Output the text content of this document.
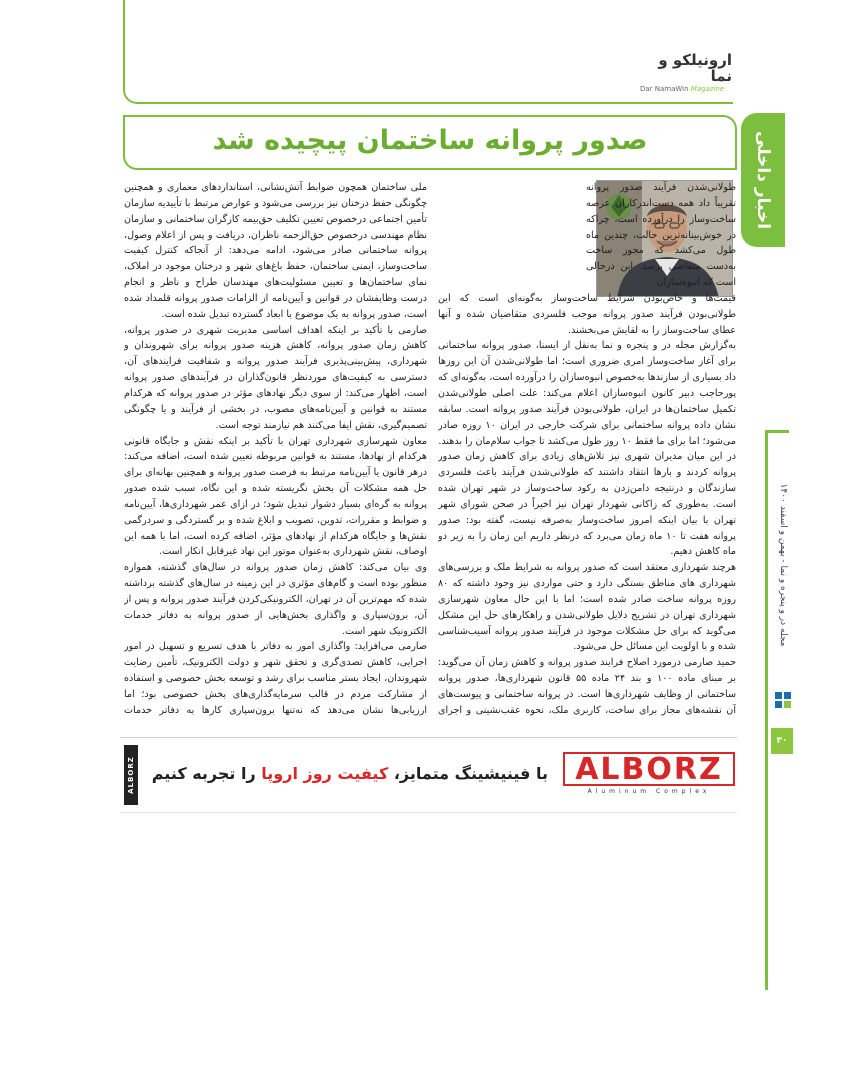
ارونیلکو و نما
Dar NamaWin Magazine
اخبار داخلی
صدور پروانه ساختمان پیچیده شد

طولانی‌شدن فرآیند صدور پروانه تقریباً داد همه دست‌اندرکاران عرصه ساخت‌وساز را درآورده است، چراکه در خوش‌بینانه‌ترین حالت، چندین ماه طول می‌کشد که مجوز ساخت به‌دست متقاضی برسد. این درحالی است که انبوه‌سازان

قیمت‌ها و خاص‌بودن شرایط ساخت‌وساز به‌گونه‌ای است که این طولانی‌بودن فرآیند صدور پروانه موجب فلسردی متقاضیان شده و آنها عطای ساخت‌وساز را به لقایش می‌بخشند.

به‌گزارش مجله در و پنجره و نما به‌نقل از ایسنا، صدور پروانه ساختمانی برای آغاز ساخت‌وساز امری ضروری است؛ اما طولانی‌شدن آن این روزها داد بسیاری از سازندها به‌خصوص انبوه‌سازان را درآورده است، به‌گونه‌ای که پورحاجب دبیر کانون انبوه‌سازان اعلام می‌کند: علت اصلی طولانی‌شدن تکمیل ساختمان‌ها در ایران، طولانی‌بودن فرآیند صدور پروانه است. سابقه نشان داده پروانه ساختمانی برای شرکت خارجی در ایران ۱۰ روزه صادر می‌شود؛ اما برای ما فقط ۱۰ روز طول می‌کشد تا جواب سلام‌مان را بدهند.

در این میان مدیران شهری نیز تلاش‌های زیادی برای کاهش زمان صدور پروانه کردند و بارها انتقاد داشتند که طولانی‌شدن فرآیند باعث فلسردی سازندگان و درنتیجه دامن‌زدن به رکود ساخت‌وساز در شهر تهران شده است. به‌طوری که زاکانی شهردار تهران نیز اخیراً در صحن شورای شهر تهران با بیان اینکه امروز ساخت‌وساز به‌صرفه نیست، گفته بود: صدور پروانه هفت تا ۱۰ ماه زمان می‌برد که درنظر داریم این زمان را به زیر دو ماه کاهش دهیم.

هرچند شهرداری معتقد است که صدور پروانه به شرایط ملک و بررسی‌های شهرداری های مناطق بستگی دارد و حتی مواردی نیز وجود داشته که ۸۰ روزه پروانه ساخت صادر شده است؛ اما با این حال معاون شهرسازی شهرداری تهران در تشریح دلایل طولانی‌شدن و راهکارهای حل این مشکل می‌گوید که برای حل مشکلات موجود در فرآیند صدور پروانه آسیب‌شناسی شده و با اولویت این مسائل حل می‌شود.

حمید صارمی درمورد اصلاح فرایند صدور پروانه و کاهش زمان آن می‌گوید: بر مبنای ماده ۱۰۰ و بند ۲۴ ماده ۵۵ قانون شهرداری‌ها، صدور پروانه ساختمانی از وظایف شهرداری‌ها است. در پروانه ساختمانی و پیوست‌های آن نقشه‌های مجاز برای ساخت، کاربری ملک، نحوه عقب‌نشینی و اجرای

ملی ساختمان همچون ضوابط آتش‌نشانی، استانداردهای معماری و همچنین چگونگی حفظ درختان نیز بررسی می‌شود و عوارض مرتبط با تأییدیه سازمان تأمین اجتماعی درخصوص تعیین تکلیف حق‌بیمه کارگران ساختمانی و سازمان نظام مهندسی درخصوص حق‌الزحمه ناظران، دریافت و پس از اعلام وصول، پروانه ساختمانی صادر می‌شود، ادامه می‌دهد: از آنجاکه کنترل کیفیت ساخت‌وساز، ایمنی ساختمان، حفظ باغ‌های شهر و درختان موجود در املاک، نمای ساختمان‌ها و تعیین مسئولیت‌های مهندسان طراح و ناظر و انجام درست وظایفشان در قوانین و آیین‌نامه از الزامات صدور پروانه قلمداد شده است، صدور پروانه به یک موضوع با ابعاد گسترده تبدیل شده است.

صارمی با تأکید بر اینکه اهداف اساسی مدیریت شهری در صدور پروانه، کاهش زمان صدور پروانه، کاهش هزینه صدور پروانه برای شهروندان و شهرداری، پیش‌بینی‌پذیری فرآیند صدور پروانه و شفافیت فرایندهای آن، دسترسی به کیفیت‌های موردنظر قانون‌گذاران در فرآیندهای صدور پروانه است، اظهار می‌کند: از سوی دیگر نهادهای مؤثر در صدور پروانه که هرکدام مستند به قوانین و آیین‌نامه‌های مصوب، در بخشی از فرآیند و یا چگونگی تصمیم‌گیری، نقش ایفا می‌کنند هم نیازمند توجه است.

معاون شهرسازی شهرداری تهران با تأکید بر اینکه نقش و جایگاه قانونی هرکدام از نهادها، مستند به قوانین مربوطه تعیین شده است، اضافه می‌کند: درهر قانون یا آیین‌نامه مرتبط به فرصت صدور پروانه و همچنین بهانه‌ای برای حل همه مشکلات آن بخش نگریسته شده و این نگاه، سبب شده صدور پروانه به گره‌ای بسیار دشوار تبدیل شود؛ در ازای عمر شهرداری‌ها، آیین‌نامه و ضوابط و مقررات، تدوین، تصویب و ابلاغ شده و بر گستردگی و سردرگمی نقش‌ها و جایگاه هرکدام از نهادهای مؤثر، اضافه کرده است، اما با همه این اوصاف، نقش شهرداری به‌عنوان موتور این نهاد غیرقابل انکار است.

وی بیان می‌کند: کاهش زمان صدور پروانه در سال‌های گذشته، همواره منظور بوده است و گام‌های مؤثری در این زمینه در سال‌های گذشته برداشته شده که مهم‌ترین آن در تهران، الکترونیکی‌کردن فرآیند صدور پروانه و پس از آن، برون‌سپاری و واگذاری بخش‌هایی از صدور پروانه به دفاتر خدمات الکترونیک شهر است.

صارمی می‌افزاید: واگذاری امور به دفاتر با هدف تسریع و تسهیل در امور اجرایی، کاهش تصدی‌گری و تحقق شهر و دولت الکترونیک، تأمین رضایت شهروندان، ایجاد بستر مناسب برای رشد و توسعه بخش خصوصی و استفاده از مشارکت مردم در قالب سرمایه‌گذاری‌های بخش خصوصی بود؛ اما ارزیابی‌ها نشان می‌دهد که نه‌تنها برون‌سپاری کارها به دفاتر خدمات

مجله در و پنجره و نما - بهمن و اسفند ۱۴۰۰
۳۰
ALBORZ	با فینیشینگ متمایز، کیفیت روز اروپا را تجربه کنیم	ALBORZ
Aluminum Complex
